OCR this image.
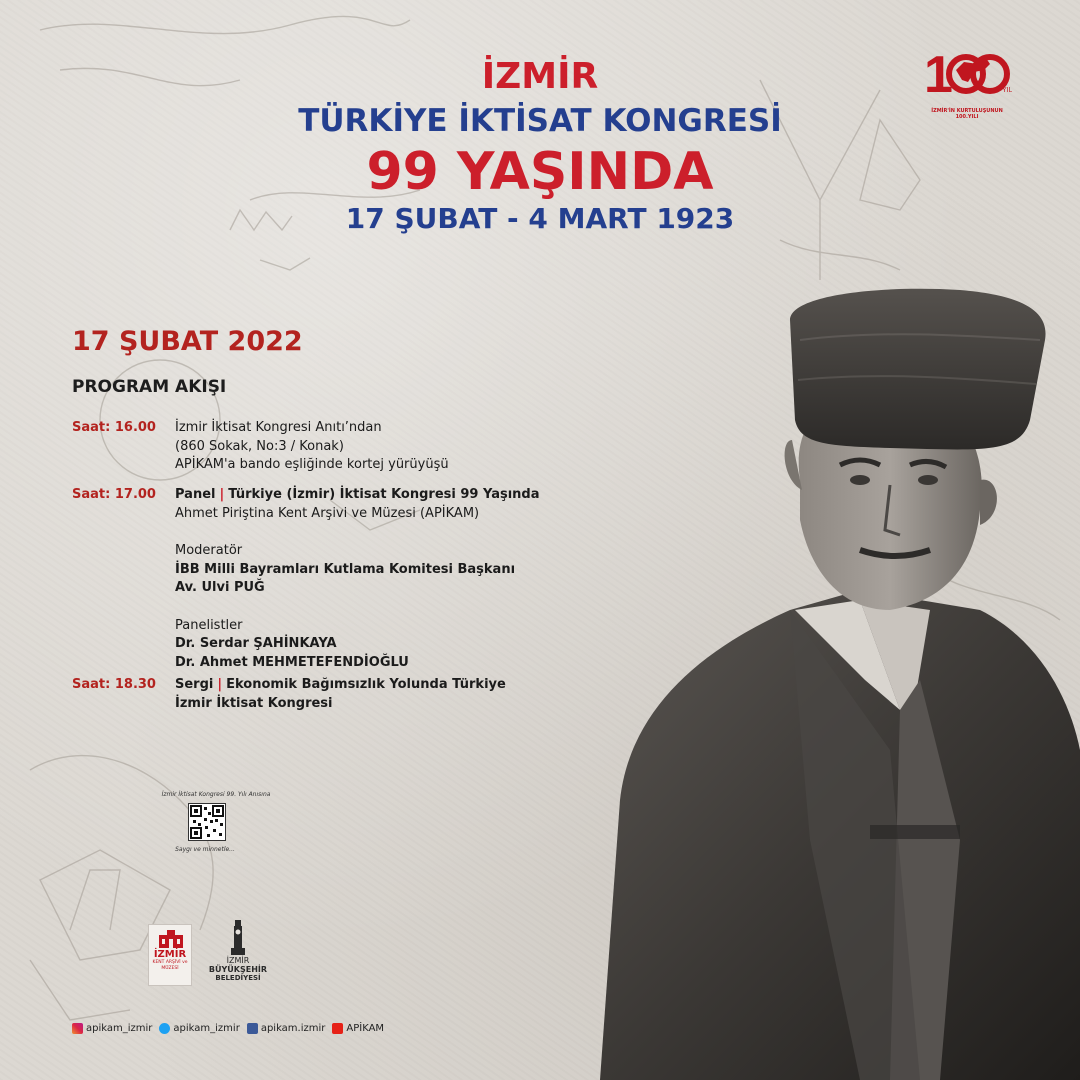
İZMİR
TÜRKİYE İKTİSAT KONGRESİ
99 YAŞINDA
17 ŞUBAT - 4 MART 1923
1	YIL
İZMİR'İN KURTULUŞUNUN 100.YILI
17 ŞUBAT 2022
PROGRAM AKIŞI
Saat: 16.00	İzmir İktisat Kongresi Anıtı’ndan
(860 Sokak, No:3 / Konak)
APİKAM'a bando eşliğinde kortej yürüyüşü
Saat: 17.00	Panel | Türkiye (İzmir) İktisat Kongresi 99 Yaşında
Ahmet Piriştina Kent Arşivi ve Müzesi (APİKAM)
Moderatör
İBB Milli Bayramları Kutlama Komitesi Başkanı
Av. Ulvi PUĞ
Panelistler
Dr. Serdar ŞAHİNKAYA
Dr. Ahmet MEHMETEFENDİOĞLU
Saat: 18.30	Sergi | Ekonomik Bağımsızlık Yolunda Türkiye
İzmir İktisat Kongresi
İzmir İktisat Kongresi 99. Yılı Anısına
Saygı ve minnetle...
İZMİR
KENT ARŞİVİ ve MÜZESİ
İZMİR
BÜYÜKŞEHİR
BELEDİYESİ
apikam_izmir apikam_izmir apikam.izmir APİKAM
